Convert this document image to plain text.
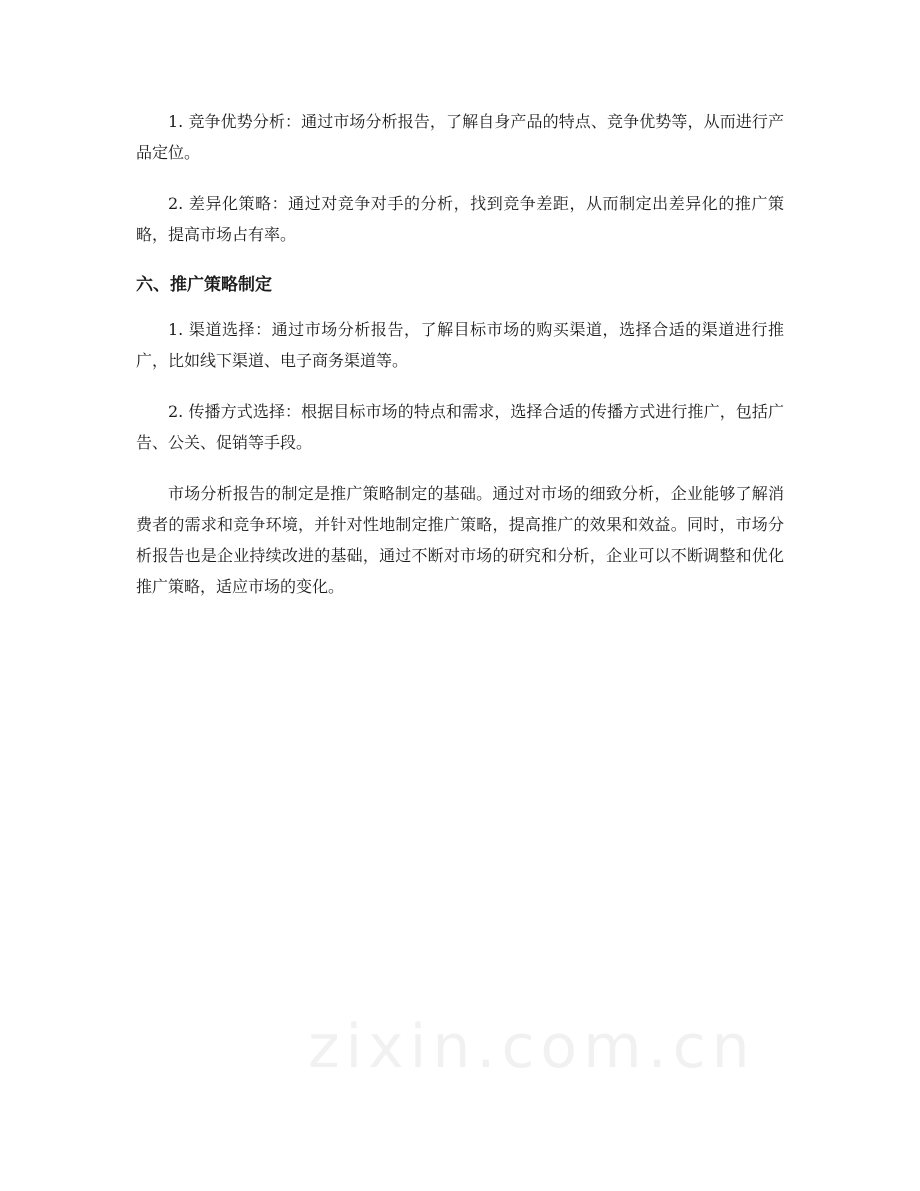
1. 竞争优势分析：通过市场分析报告，了解自身产品的特点、竞争优势等，从而进行产品定位。

2. 差异化策略：通过对竞争对手的分析，找到竞争差距，从而制定出差异化的推广策略，提高市场占有率。

六、推广策略制定

1. 渠道选择：通过市场分析报告，了解目标市场的购买渠道，选择合适的渠道进行推广，比如线下渠道、电子商务渠道等。

2. 传播方式选择：根据目标市场的特点和需求，选择合适的传播方式进行推广，包括广告、公关、促销等手段。

市场分析报告的制定是推广策略制定的基础。通过对市场的细致分析，企业能够了解消费者的需求和竞争环境，并针对性地制定推广策略，提高推广的效果和效益。同时，市场分析报告也是企业持续改进的基础，通过不断对市场的研究和分析，企业可以不断调整和优化推广策略，适应市场的变化。

zixin.com.cn
